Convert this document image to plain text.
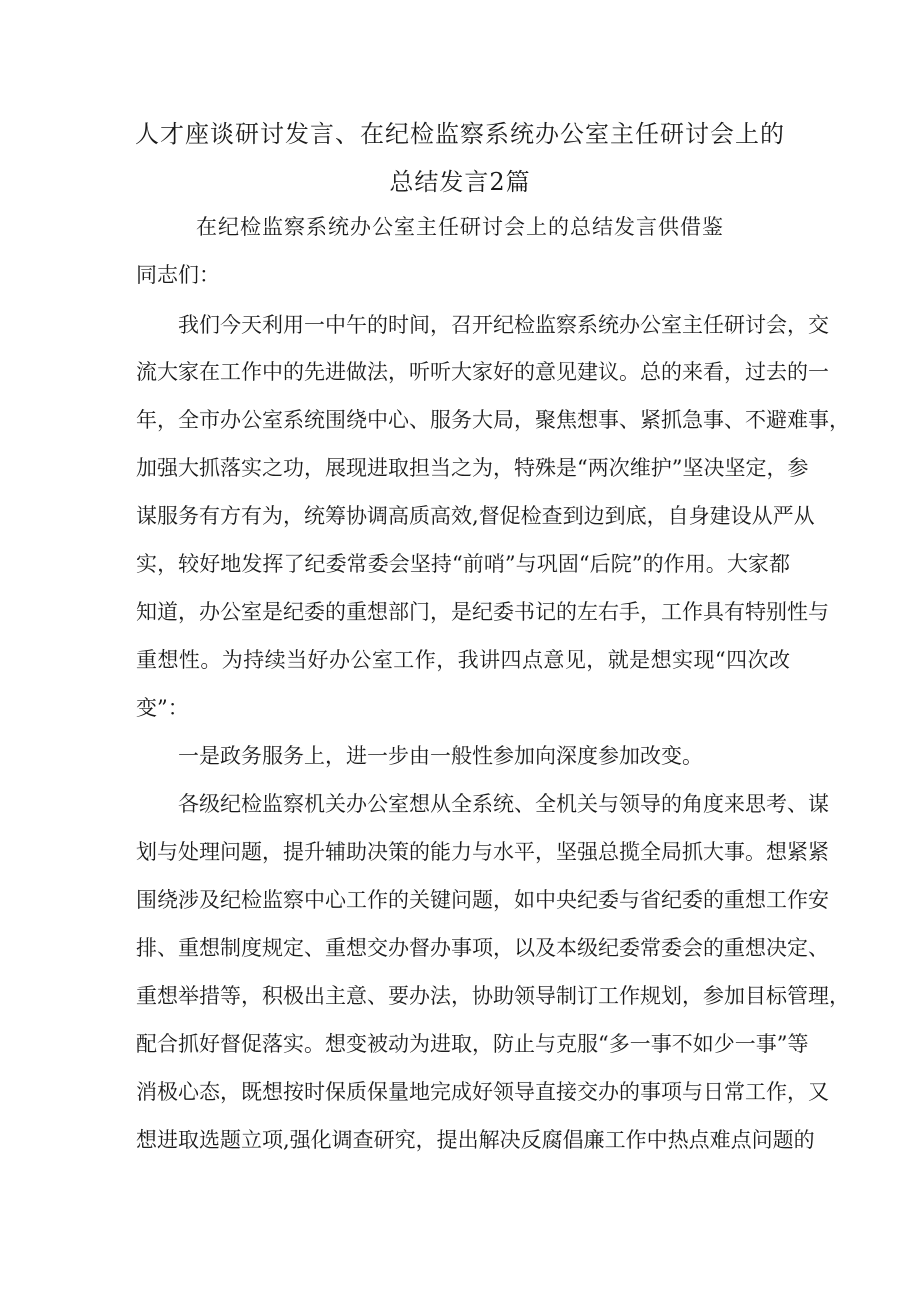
人才座谈研讨发言、在纪检监察系统办公室主任研讨会上的
总结发言2篇

在纪检监察系统办公室主任研讨会上的总结发言供借鉴

同志们：

我们今天利用一中午的时间，召开纪检监察系统办公室主任研讨会，交

流大家在工作中的先进做法，听听大家好的意见建议。总的来看，过去的一

年，全市办公室系统围绕中心、服务大局，聚焦想事、紧抓急事、不避难事，

加强大抓落实之功，展现进取担当之为，特殊是“两次维护”坚决坚定，参

谋服务有方有为，统筹协调高质高效,督促检查到边到底，自身建设从严从

实，较好地发挥了纪委常委会坚持“前哨”与巩固“后院”的作用。大家都

知道，办公室是纪委的重想部门，是纪委书记的左右手，工作具有特别性与

重想性。为持续当好办公室工作，我讲四点意见，就是想实现“四次改

变”：

一是政务服务上，进一步由一般性参加向深度参加改变。

各级纪检监察机关办公室想从全系统、全机关与领导的角度来思考、谋

划与处理问题，提升辅助决策的能力与水平，坚强总揽全局抓大事。想紧紧

围绕涉及纪检监察中心工作的关键问题，如中央纪委与省纪委的重想工作安

排、重想制度规定、重想交办督办事项，以及本级纪委常委会的重想决定、

重想举措等，积极出主意、要办法，协助领导制订工作规划，参加目标管理，

配合抓好督促落实。想变被动为进取，防止与克服“多一事不如少一事”等

消极心态，既想按时保质保量地完成好领导直接交办的事项与日常工作，又

想进取选题立项,强化调查研究，提出解决反腐倡廉工作中热点难点问题的
